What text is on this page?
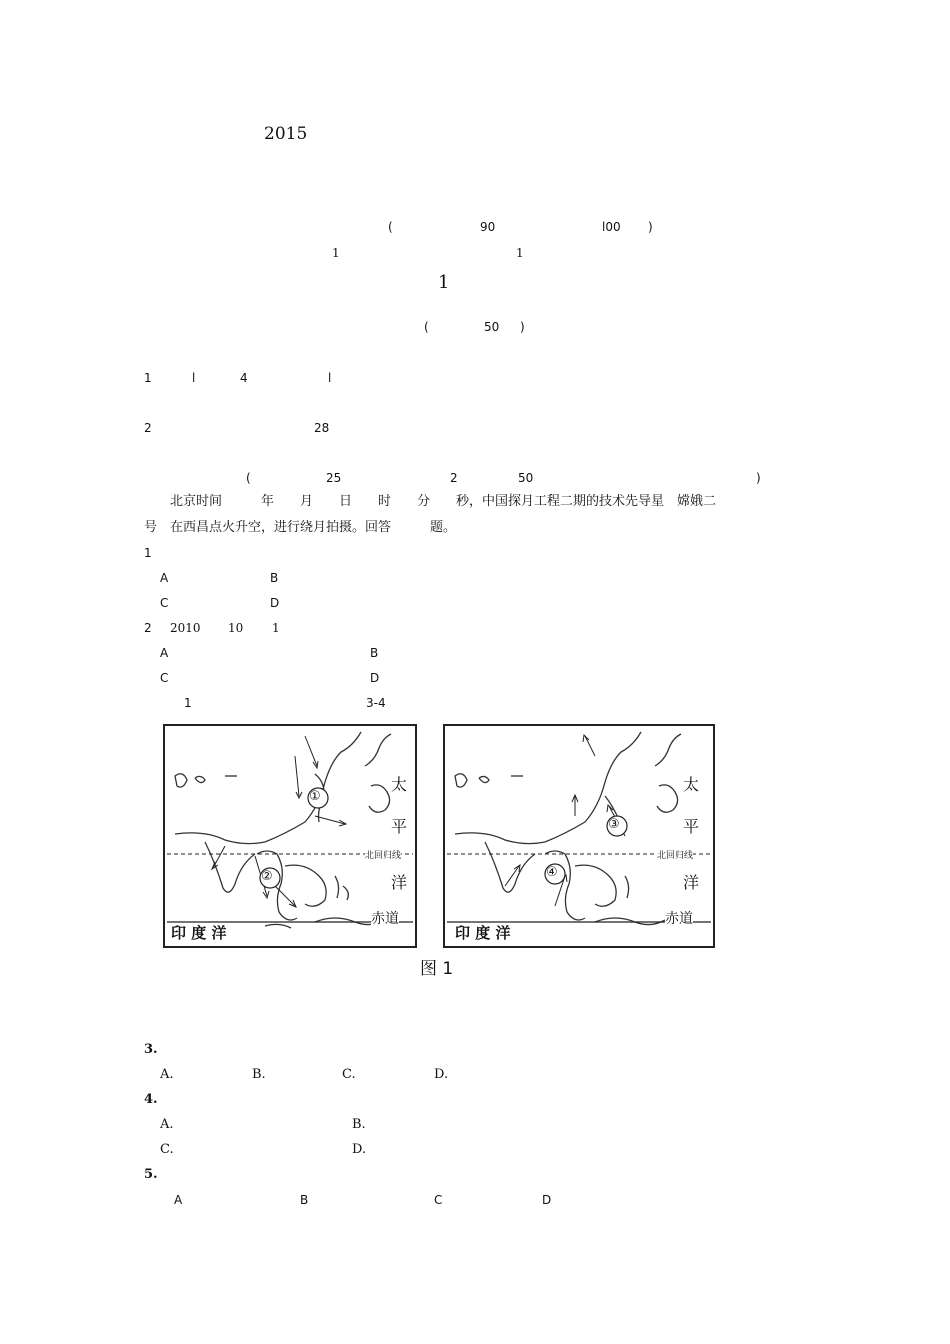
2015
(	90	l00 )
1	1
1
(	50 )
1	l	4	l
2	28
(	25	2	50	)
北京时间　　　年　　月　　日　　时　　分　　秒，中国探月工程二期的技术先导星　嫦娥二
号　在西昌点火升空，进行绕月拍摄。回答　　　题。
1
A	B
C	D
2 2010 10 1
A	B
C	D
1	3-4
①
②
太
平
洋
北回归线
赤道
印 度 洋
③
④
太
平
洋
北回归线
赤道
印 度 洋
图 1
3.
A.	B.	C.	D.
4.
A.	B.
C.	D.
5.
A	B	C	D　
